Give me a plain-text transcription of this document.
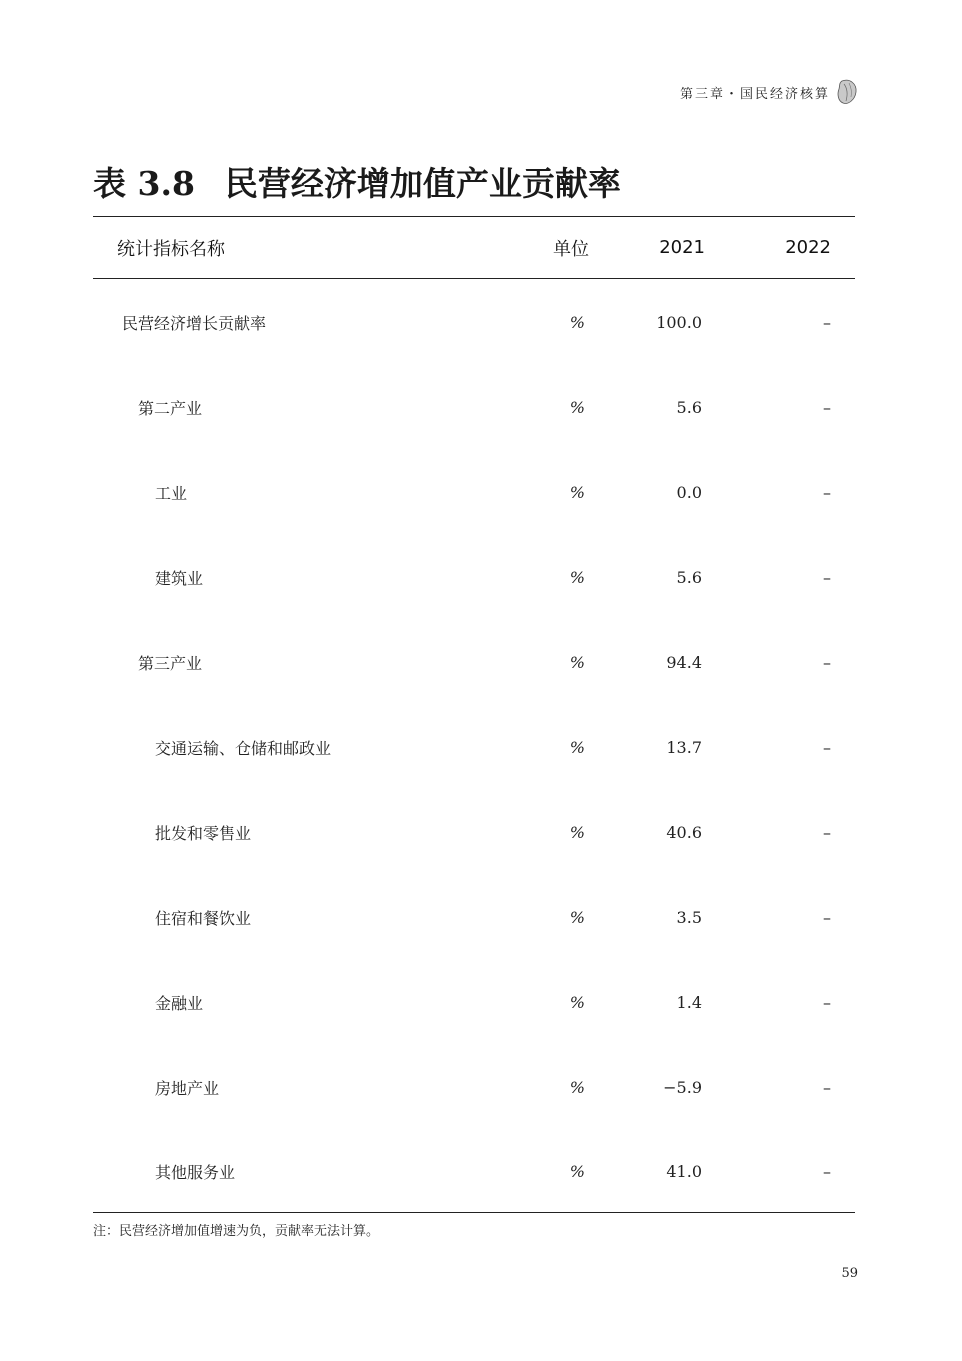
第三章・国民经济核算
表 3.8 民营经济增加值产业贡献率
统计指标名称	单位	2021	2022
民营经济增长贡献率	%	100.0	–
第二产业	%	5.6	–
工业	%	0.0	–
建筑业	%	5.6	–
第三产业	%	94.4	–
交通运输、仓储和邮政业	%	13.7	–
批发和零售业	%	40.6	–
住宿和餐饮业	%	3.5	–
金融业	%	1.4	–
房地产业	%	−5.9	–
其他服务业	%	41.0	–
注：民营经济增加值增速为负，贡献率无法计算。
59
